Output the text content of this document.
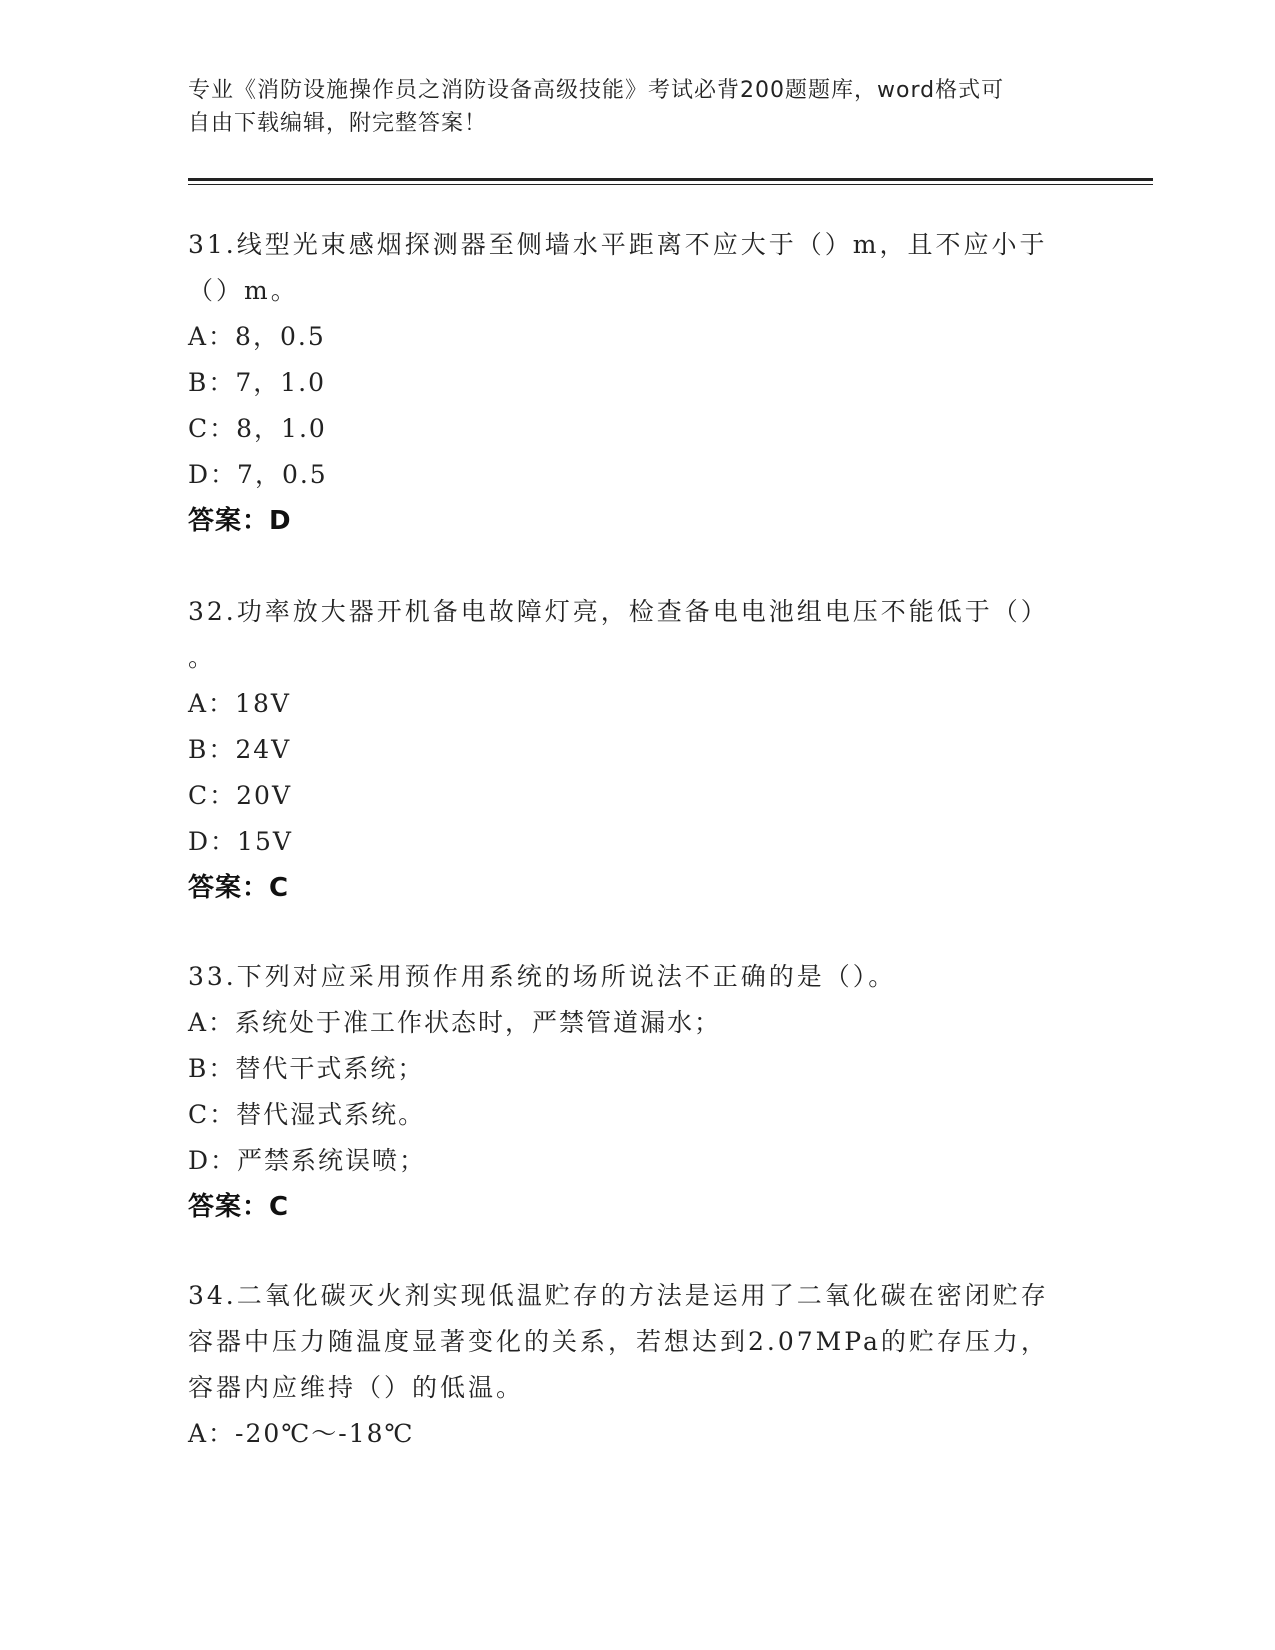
专业《消防设施操作员之消防设备高级技能》考试必背200题题库，word格式可
自由下载编辑，附完整答案！
31.线型光束感烟探测器至侧墙水平距离不应大于（）m，且不应小于
（）m。
A：8，0.5
B：7，1.0
C：8，1.0
D：7，0.5
答案：D
32.功率放大器开机备电故障灯亮，检查备电电池组电压不能低于（）
。
A：18V
B：24V
C：20V
D：15V
答案：C
33.下列对应采用预作用系统的场所说法不正确的是（）。
A：系统处于准工作状态时，严禁管道漏水；
B：替代干式系统；
C：替代湿式系统。
D：严禁系统误喷；
答案：C
34.二氧化碳灭火剂实现低温贮存的方法是运用了二氧化碳在密闭贮存
容器中压力随温度显著变化的关系，若想达到2.07MPa的贮存压力，
容器内应维持（）的低温。
A：-20℃～-18℃
